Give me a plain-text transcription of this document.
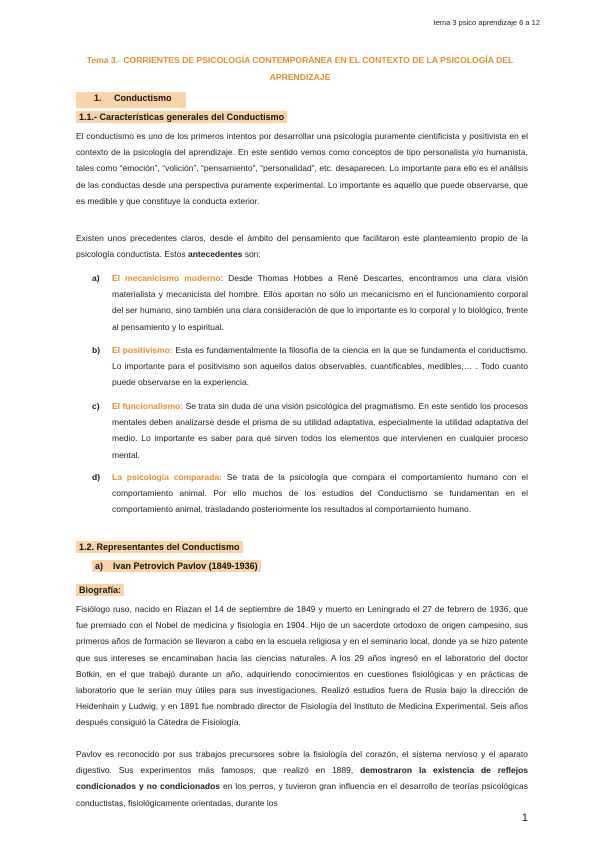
tema 3 psico aprendizaje 6 a 12
Tema 3.- CORRIENTES DE PSICOLOGÍA CONTEMPORÁNEA EN EL CONTEXTO DE LA PSICOLOGÍA DEL APRENDIZAJE
1. Conductismo
1.1.- Características generales del Conductismo

El conductismo es uno de los primeros intentos por desarrollar una psicología puramente cientificista y positivista en el contexto de la psicología del aprendizaje. En este sentido vemos como conceptos de tipo personalista y/o humanista, tales como “emoción”, “volición”, “pensamiento”, “personalidad”, etc. desaparecen. Lo importante para ello es el análisis de las conductas desde una perspectiva puramente experimental. Lo importante es aquello que puede observarse, que es medible y que constituye la conducta exterior.

Existen unos precedentes claros, desde el ámbito del pensamiento que facilitaron este planteamiento propio de la psicología conductista. Estos antecedentes son:

a) El mecanicismo moderno: Desde Thomas Hobbes a René Descartes, encontramos una clara visión materialista y mecanicista del hombre. Ellos aportan no sólo un mecanicismo en el funcionamiento corporal del ser humano, sino también una clara consideración de que lo importante es lo corporal y lo biológico, frente al pensamiento y lo espiritual.
b) El positivismo: Esta es fundamentalmente la filosofía de la ciencia en la que se fundamenta el conductismo. Lo importante para el positivismo son aquellos datos observables, cuantificables, medibles,… . Todo cuanto puede observarse en la experiencia.
c) El funcionalismo: Se trata sin duda de una visión psicológica del pragmatismo. En este sentido los procesos mentales deben analizarse desde el prisma de su utilidad adaptativa, especialmente la utilidad adaptativa del medio. Lo importante es saber para qué sirven todos los elementos que intervienen en cualquier proceso mental.
d) La psicología comparada: Se trata de la psicología que compara el comportamiento humano con el comportamiento animal. Por ello muchos de los estudios del Conductismo se fundamentan en el comportamiento animal, trasladando posteriormente los resultados al comportamiento humano.
1.2. Representantes del Conductismo
a) Ivan Petrovich Pavlov (1849-1936)
Biografía:

Fisiólogo ruso, nacido en Riazan el 14 de septiembre de 1849 y muerto en Leningrado el 27 de febrero de 1936, que fue premiado con el Nobel de medicina y fisiología en 1904. Hijo de un sacerdote ortodoxo de origen campesino, sus primeros años de formación se llevaron a cabo en la escuela religiosa y en el seminario local, donde ya se hizo patente que sus intereses se encaminaban hacia las ciencias naturales. A los 29 años ingresó en el laboratorio del doctor Botkin, en el que trabajó durante un año, adquiriendo conocimientos en cuestiones fisiológicas y en prácticas de laboratorio que le serían muy útiles para sus investigaciones. Realizó estudios fuera de Rusia bajo la dirección de Heidenhain y Ludwig, y en 1891 fue nombrado director de Fisiología del Instituto de Medicina Experimental. Seis años después consiguió la Cátedra de Fisiología.

Pavlov es reconocido por sus trabajos precursores sobre la fisiología del corazón, el sistema nervioso y el aparato digestivo. Sus experimentos más famosos, que realizó en 1889, demostraron la existencia de reflejos condicionados y no condicionados en los perros, y tuvieron gran influencia en el desarrollo de teorías psicológicas conductistas, fisiológicamente orientadas, durante los

1
